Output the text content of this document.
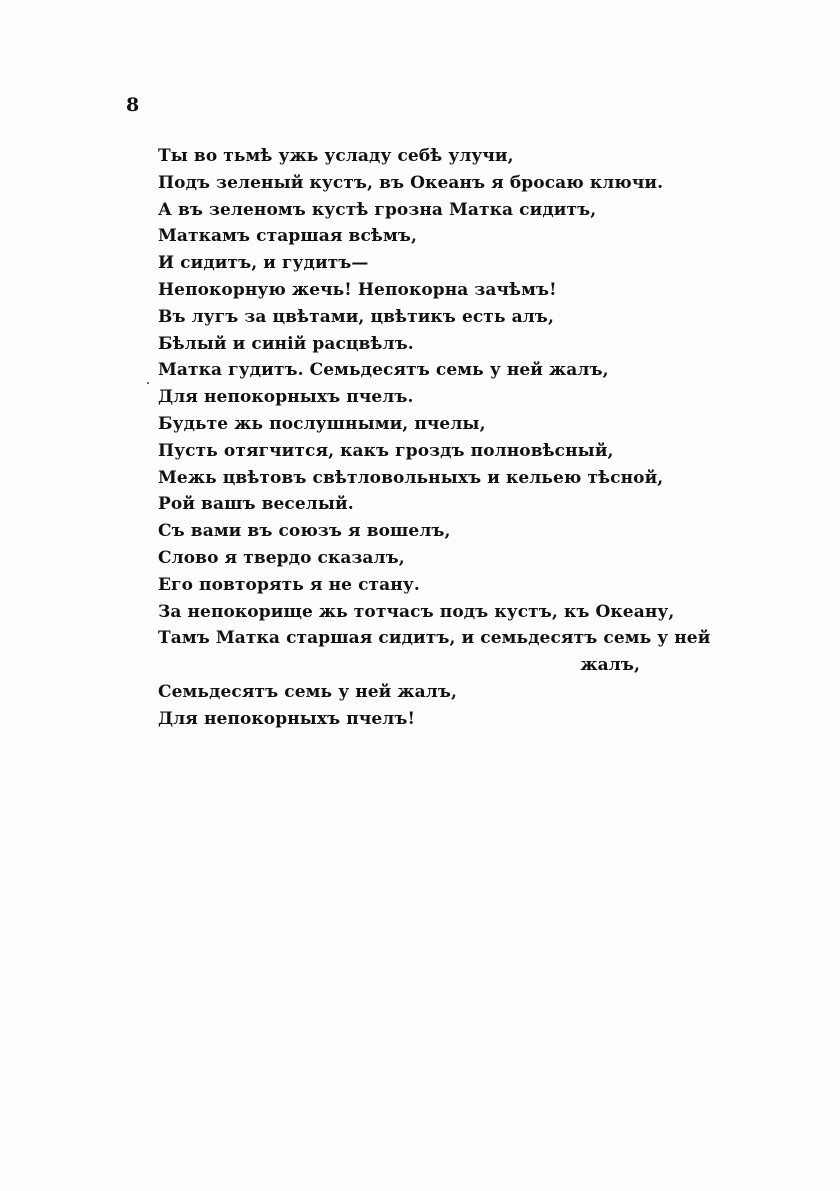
8
Ты во тьмѣ ужь усладу себѣ улучи,
Подъ зеленый кустъ, въ Океанъ я бросаю ключи.
А въ зеленомъ кустѣ грозна Матка сидитъ,
Маткамъ старшая всѣмъ,
И сидитъ, и гудитъ—
Непокорную жечь! Непокорна зачѣмъ!
Въ лугъ за цвѣтами, цвѣтикъ есть алъ,
Бѣлый и синій расцвѣлъ.
Матка гудитъ. Семьдесятъ семь у ней жалъ,
Для непокорныхъ пчелъ.
Будьте жь послушными, пчелы,
Пусть отягчится, какъ гроздъ полновѣсный,
Межь цвѣтовъ свѣтловольныхъ и кельею тѣсной,
Рой вашъ веселый.
Съ вами въ союзъ я вошелъ,
Слово я твердо сказалъ,
Его повторять я не стану.
За непокорище жь тотчасъ подъ кустъ, къ Океану,
Тамъ Матка старшая сидитъ, и семьдесятъ семь у ней
жалъ,
Семьдесятъ семь у ней жалъ,
Для непокорныхъ пчелъ!
